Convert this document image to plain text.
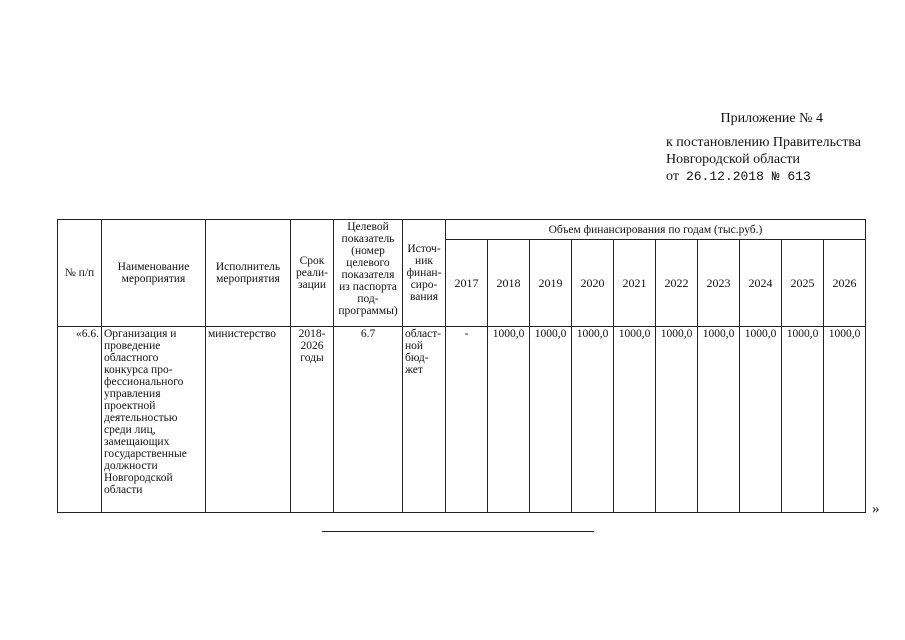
Приложение № 4
к постановлению Правительства
Новгородской области
от 26.12.2018 № 613
№ п/п	Наименование мероприятия	Исполнитель мероприятия	Срок реали-зации	Целевой показатель (номер целевого показателя из паспорта под-программы)	Источ-ник финан-сиро-вания	Объем финансирования по годам (тыс.руб.)									
						2017	2018	2019	2020	2021	2022	2023	2024	2025	2026
«6.6.	Организация и проведение областного конкурса про-фессионального управления проектной деятельностью среди лиц, замещающих государственные должности Новгородской области	министерство	2018-2026 годы	6.7	област-ной бюд-жет	-	1000,0	1000,0	1000,0	1000,0	1000,0	1000,0	1000,0	1000,0	1000,0
»
